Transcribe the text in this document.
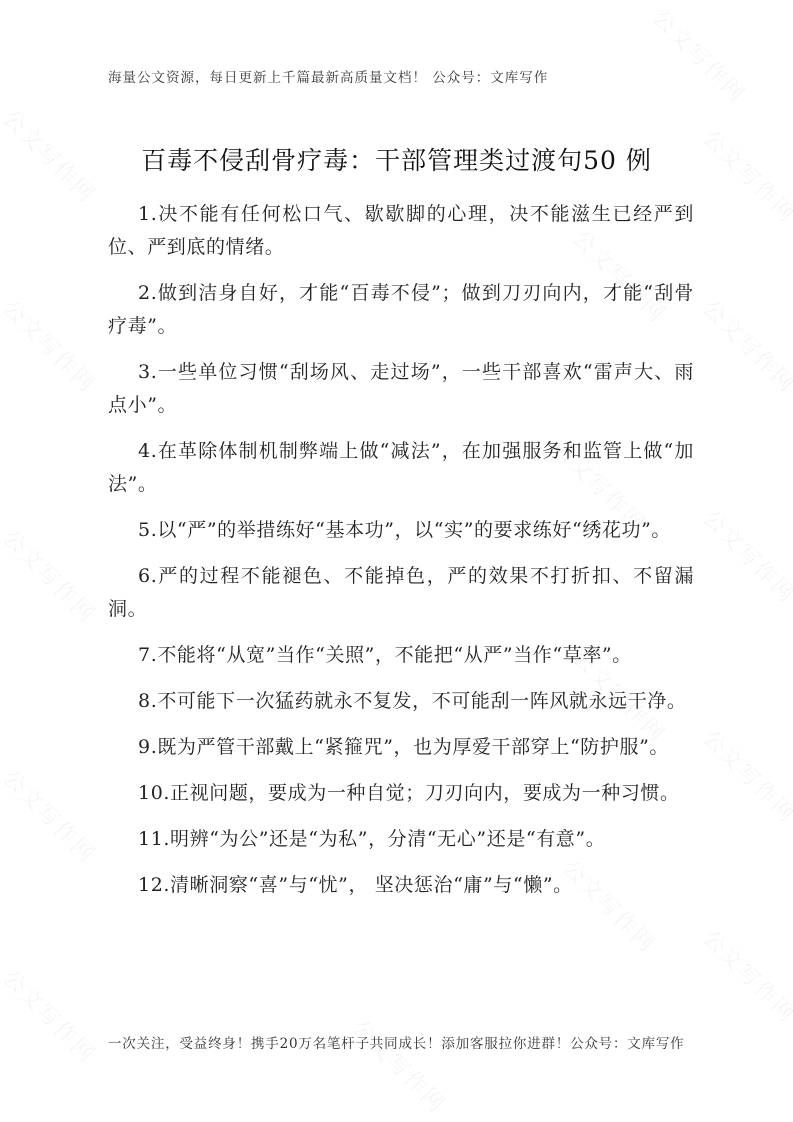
海量公文资源，每日更新上千篇最新高质量文档！ 公众号：文库写作
百毒不侵刮骨疗毒：干部管理类过渡句50 例

1.决不能有任何松口气、歇歇脚的心理，决不能滋生已经严到位、严到底的情绪。

2.做到洁身自好，才能“百毒不侵”；做到刀刃向内，才能“刮骨疗毒”。

3.一些单位习惯“刮场风、走过场”，一些干部喜欢“雷声大、雨点小”。

4.在革除体制机制弊端上做“减法”，在加强服务和监管上做“加法”。

5.以“严”的举措练好“基本功”，以“实”的要求练好“绣花功”。

6.严的过程不能褪色、不能掉色，严的效果不打折扣、不留漏洞。

7.不能将“从宽”当作“关照”，不能把“从严”当作“草率”。

8.不可能下一次猛药就永不复发，不可能刮一阵风就永远干净。

9.既为严管干部戴上“紧箍咒”，也为厚爱干部穿上“防护服”。

10.正视问题，要成为一种自觉；刀刃向内，要成为一种习惯。

11.明辨“为公”还是“为私”，分清“无心”还是“有意”。

12.清晰洞察“喜”与“忧”， 坚决惩治“庸”与“懒”。

一次关注，受益终身！携手20万名笔杆子共同成长！添加客服拉你进群！公众号：文库写作
